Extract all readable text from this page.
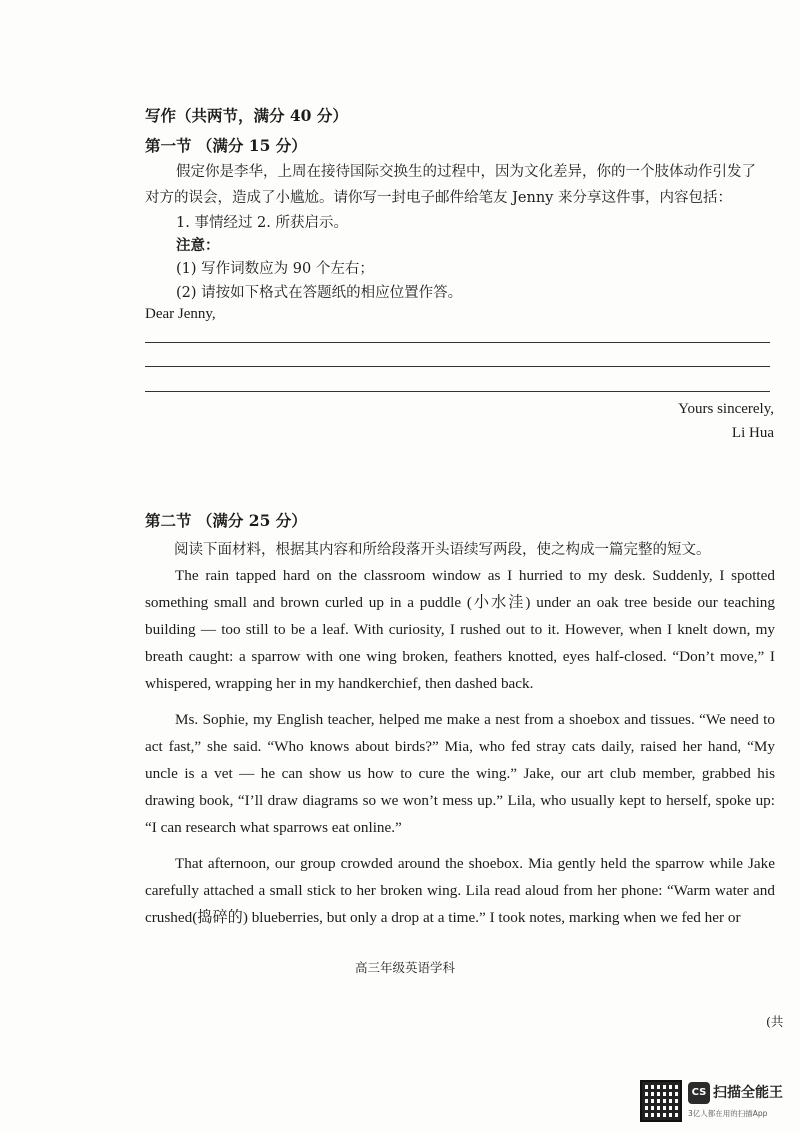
写作（共两节，满分 40 分）
第一节 （满分 15 分）
假定你是李华，上周在接待国际交换生的过程中，因为文化差异，你的一个肢体动作引发了
对方的误会，造成了小尴尬。请你写一封电子邮件给笔友 Jenny 来分享这件事，内容包括：
1. 事情经过 2. 所获启示。
注意：
(1) 写作词数应为 90 个左右；
(2) 请按如下格式在答题纸的相应位置作答。
Dear Jenny,
Yours sincerely,
Li Hua
第二节 （满分 25 分）
阅读下面材料，根据其内容和所给段落开头语续写两段，使之构成一篇完整的短文。

The rain tapped hard on the classroom window as I hurried to my desk. Suddenly, I spotted something small and brown curled up in a puddle (小水洼) under an oak tree beside our teaching building — too still to be a leaf. With curiosity, I rushed out to it. However, when I knelt down, my breath caught: a sparrow with one wing broken, feathers knotted, eyes half-closed. “Don’t move,” I whispered, wrapping her in my handkerchief, then dashed back.

Ms. Sophie, my English teacher, helped me make a nest from a shoebox and tissues. “We need to act fast,” she said. “Who knows about birds?” Mia, who fed stray cats daily, raised her hand, “My uncle is a vet — he can show us how to cure the wing.” Jake, our art club member, grabbed his drawing book, “I’ll draw diagrams so we won’t mess up.” Lila, who usually kept to herself, spoke up: “I can research what sparrows eat online.”

That afternoon, our group crowded around the shoebox. Mia gently held the sparrow while Jake carefully attached a small stick to her broken wing. Lila read aloud from her phone: “Warm water and crushed(捣碎的) blueberries, but only a drop at a time.” I took notes, marking when we fed her or

高三年级英语学科
(共
CS 扫描全能王
3亿人都在用的扫描App
